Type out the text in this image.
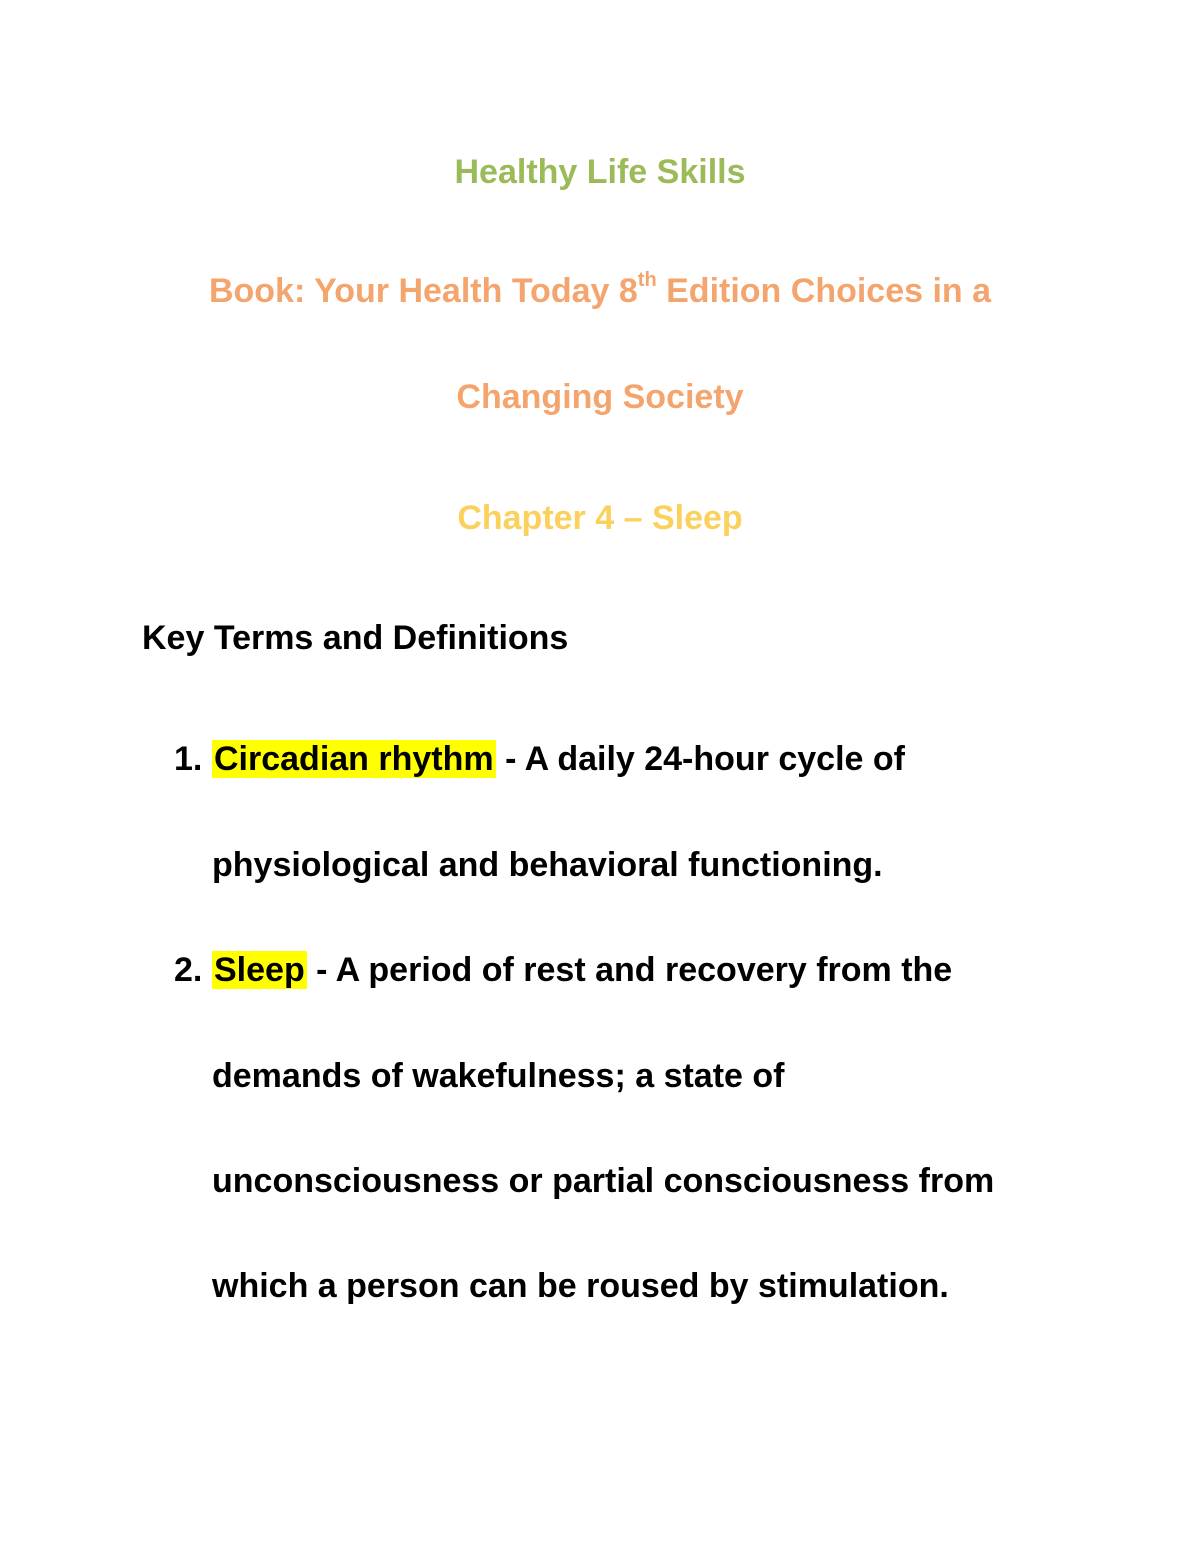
Healthy Life Skills
Book: Your Health Today 8th Edition Choices in a
Changing Society
Chapter 4 – Sleep
Key Terms and Definitions
1. Circadian rhythm - A daily 24-hour cycle of
physiological and behavioral functioning.
2. Sleep - A period of rest and recovery from the
demands of wakefulness; a state of
unconsciousness or partial consciousness from
which a person can be roused by stimulation.
